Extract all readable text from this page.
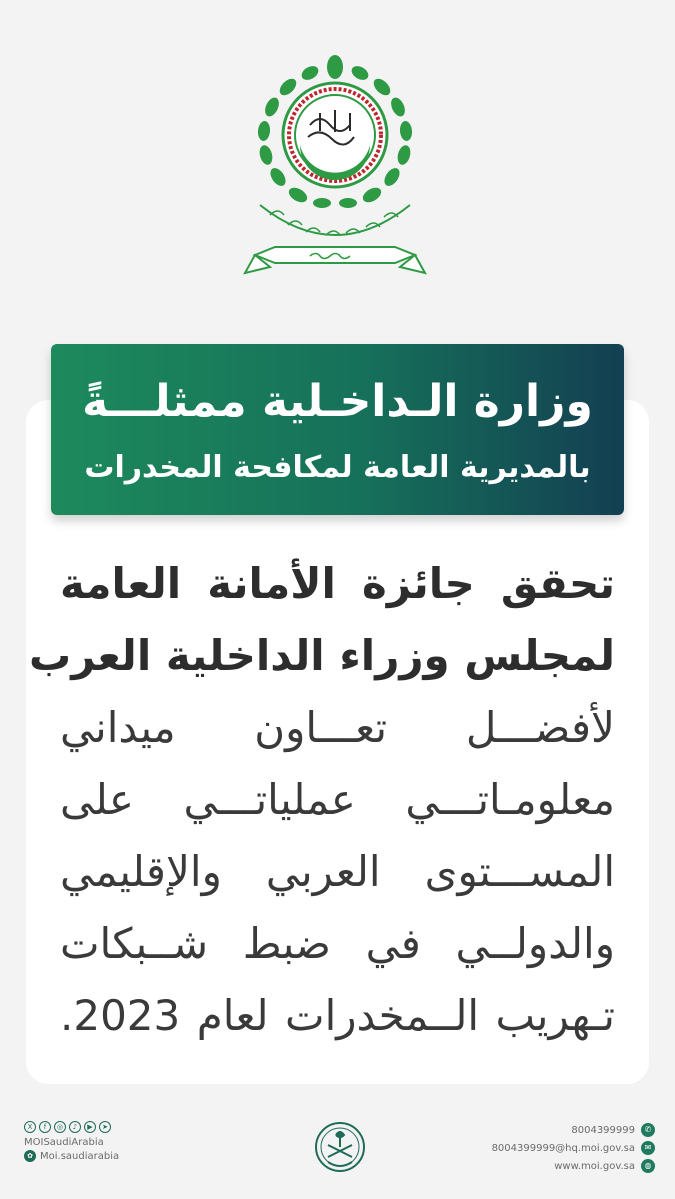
وزارة الـداخـلية ممثلـــةً
بالمديرية العامة لمكافحة المخدرات
تحقق جائزة الأمانة العامة
لمجلس وزراء الداخلية العرب
لأفضـــل تعـــاون ميداني
معلومـاتـــي عملياتـــي على
المســـتوى العربي والإقليمي
والدولــي في ضبط شــبكات
تـهريب الــمخدرات لعام 2023.
X	f	◎	♪	▶	➤
MOISaudiArabia
✿ Moi.saudiarabia
8004399999	✆
8004399999@hq.moi.gov.sa	✉
www.moi.gov.sa	◍
